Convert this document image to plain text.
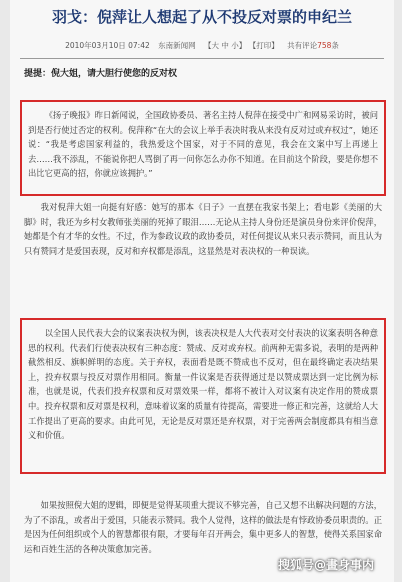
羽戈：倪萍让人想起了从不投反对票的申纪兰
2010年03月10日 07:42 东南新闻网 【大 中 小】 【打印】 共有评论758条
提提：倪大姐，请大胆行使您的反对权

《扬子晚报》昨日新闻说，全国政协委员、著名主持人倪萍在接受中广和网易采访时，被问到是否行使过否定的权利。倪萍称“在大的会议上举手表决时我从来没有反对过或弃权过”，她还说：“我是考虑国家利益的，我热爱这个国家，对于不同的意见，我会在文案中写上再递上去……我不添乱，不能说你把人骂倒了再一问你怎么办你不知道。在目前这个阶段，要是你想不出比它更高的招，你就应该拥护。”

我对倪萍大姐一向挺有好感：她写的那本《日子》一直摆在我家书架上；看电影《美丽的大脚》时，我还为乡村女教师张美丽的死掉了眼泪……无论从主持人身份还是演员身份来评价倪萍，她都是个有才华的女性。不过，作为参政议政的政协委员，对任何提议从来只表示赞同，而且认为只有赞同才是爱国表现，反对和弃权都是添乱，这显然是对表决权的一种误读。

以全国人民代表大会的议案表决权为例，该表决权是人大代表对交付表决的议案表明各种意思的权利。代表们行使表决权有三种态度：赞成、反对或弃权。前两种无需多说，表明的是两种截然相反、旗帜鲜明的态度。关于弃权，表面看是既不赞成也不反对，但在最终确定表决结果上，投弃权票与投反对票作用相同。衡量一件议案是否获得通过是以赞成票达到一定比例为标准，也就是说，代表们投弃权票和反对票效果一样，都将不被计入对议案有决定作用的赞成票中。投弃权票和反对票是权利，意味着议案的质量有待提高，需要进一修正和完善，这就给人大工作提出了更高的要求。由此可见，无论是反对票还是弃权票，对于完善两会制度都具有相当意义和价值。

如果按照倪大姐的逻辑，即便是觉得某项重大提议不够完善，自己又想不出解决问题的方法，为了不添乱，或者出于爱国，只能表示赞同。我个人觉得，这样的做法是有悖政协委员职责的。正是因为任何组织或个人的智慧都很有限，才要每年召开两会，集中更多人的智慧，使得关系国家命运和百姓生活的各种决策愈加完善。

搜狐号@畫身事内
